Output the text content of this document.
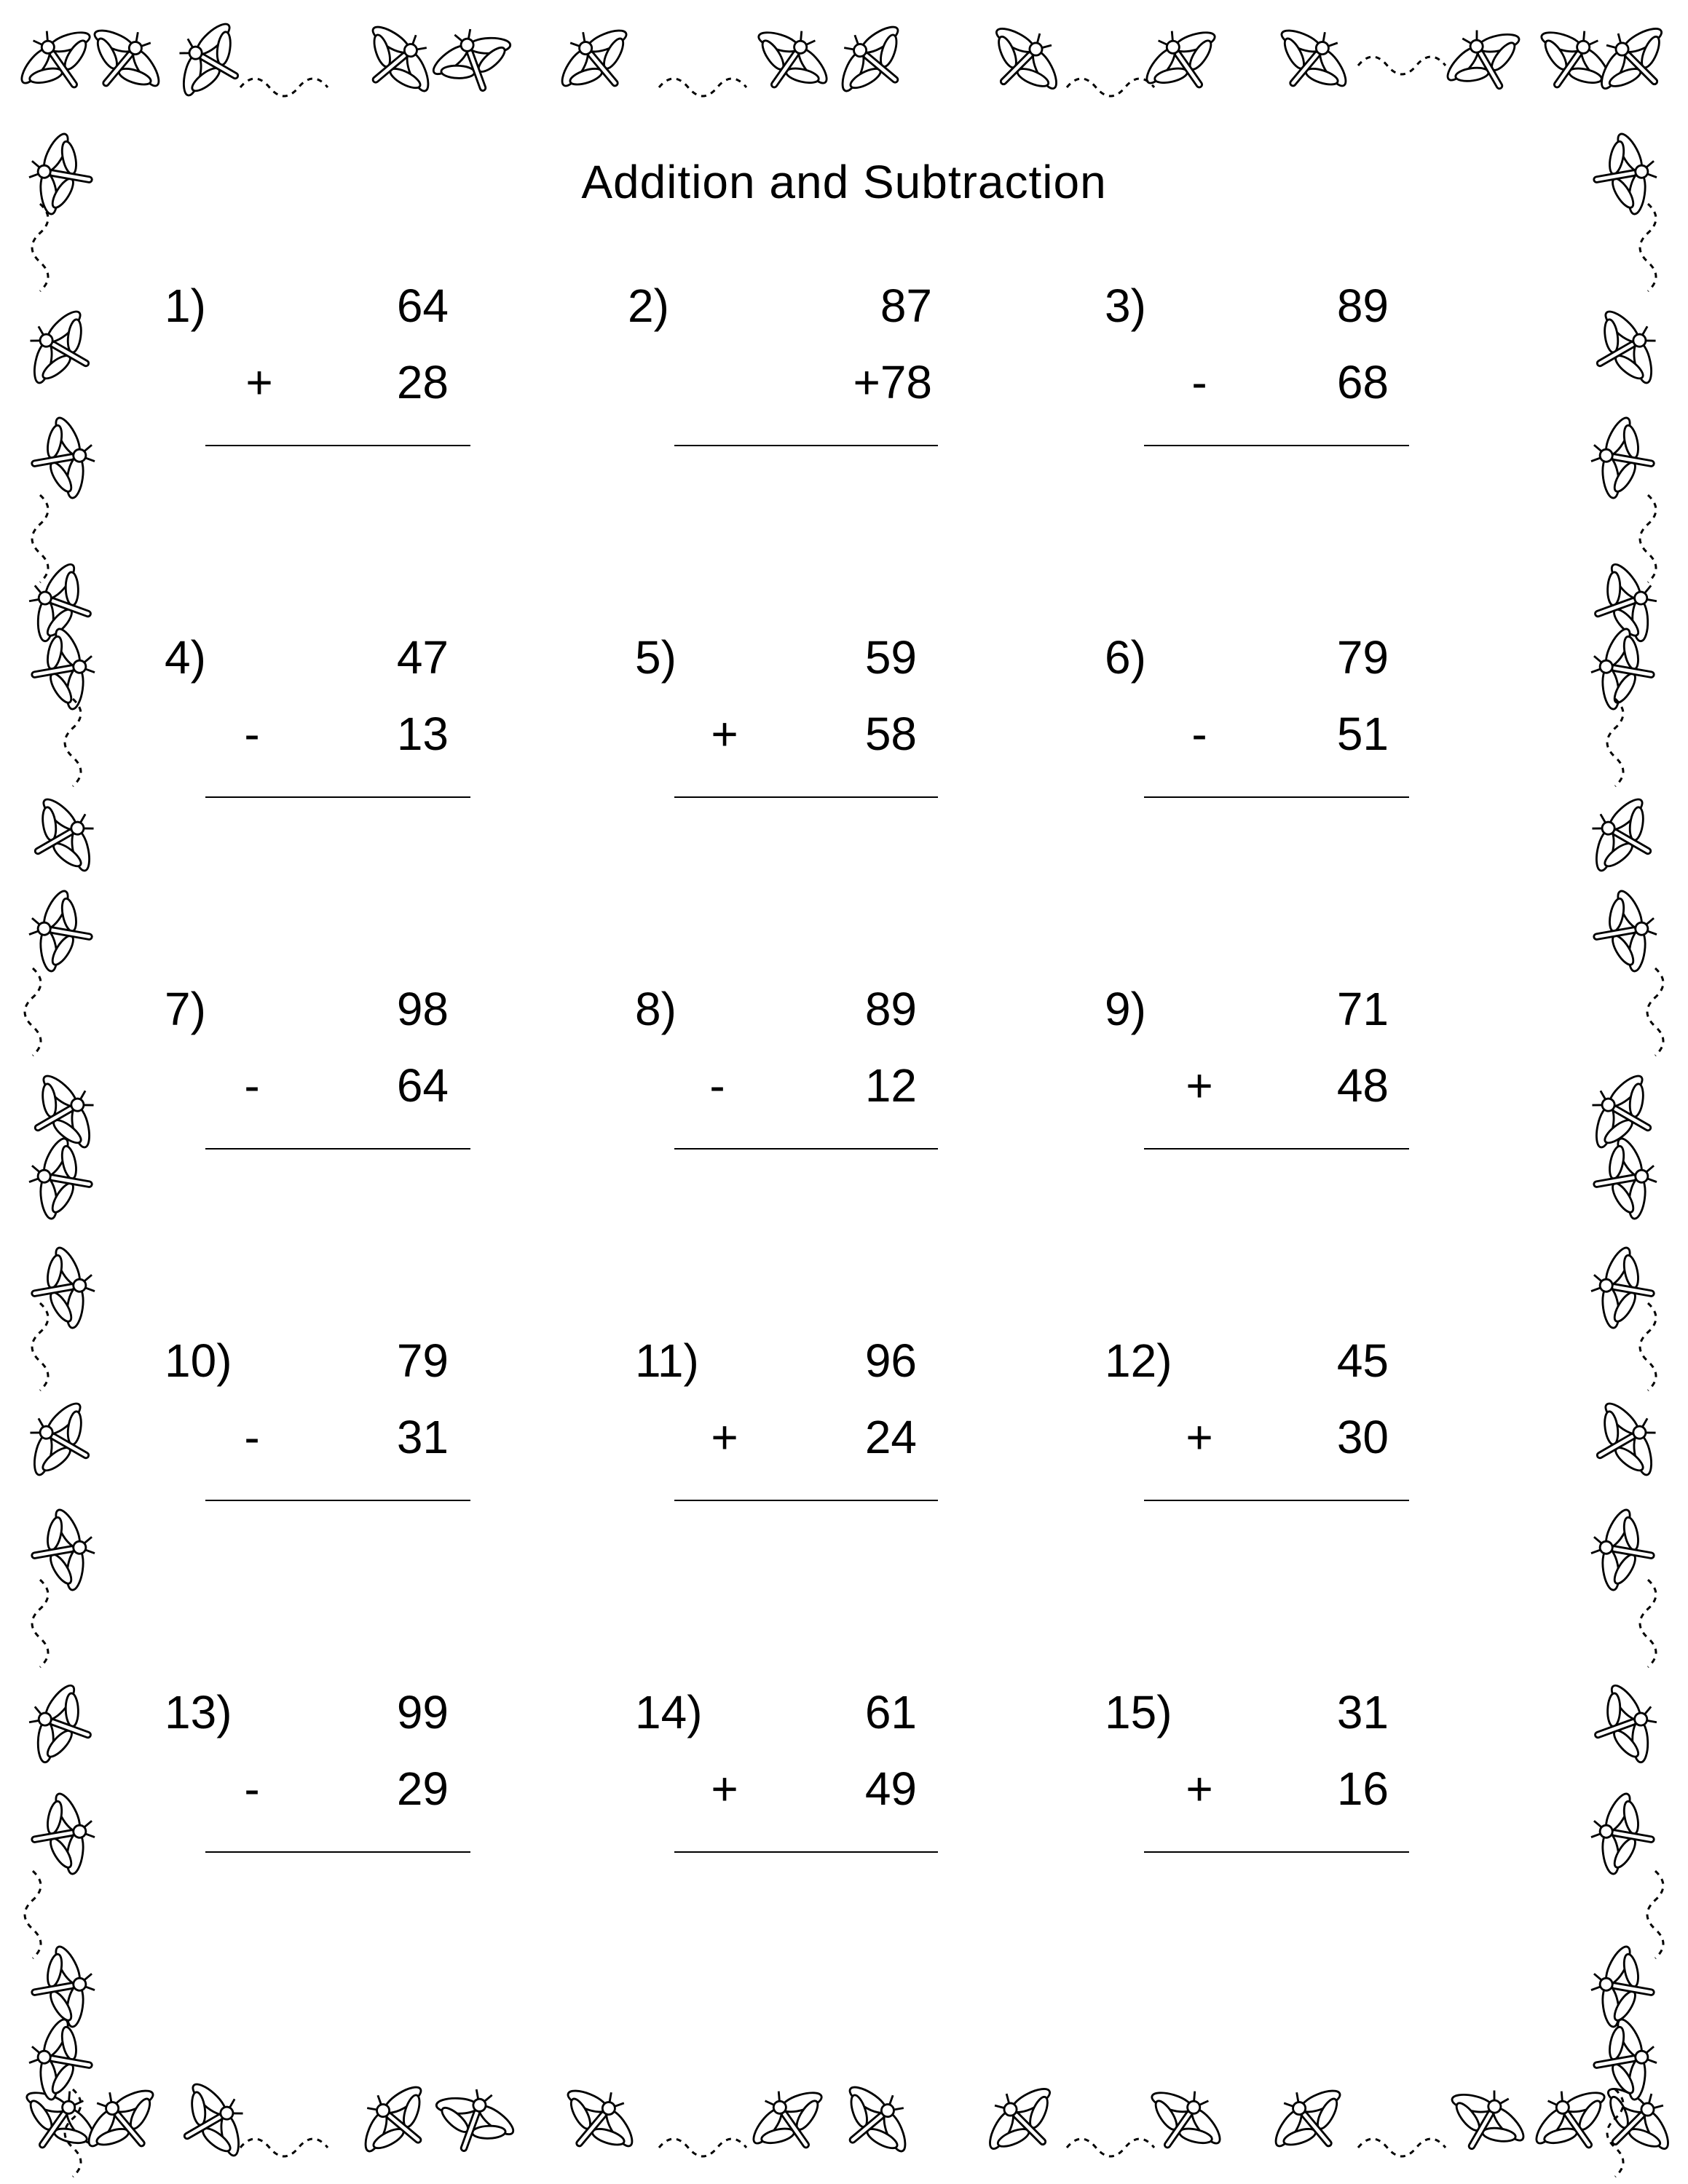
Addition and Subtraction
1)	64
+	28
2)	87
+78
3)	89
-	68
4)	47
-	13
5)	59
+	58
6)	79
-	51
7)	98
-	64
8)	89
-	12
9)	71
+	48
10)	79
-	31
11)	96
+	24
12)	45
+	30
13)	99
-	29
14)	61
+	49
15)	31
+	16
